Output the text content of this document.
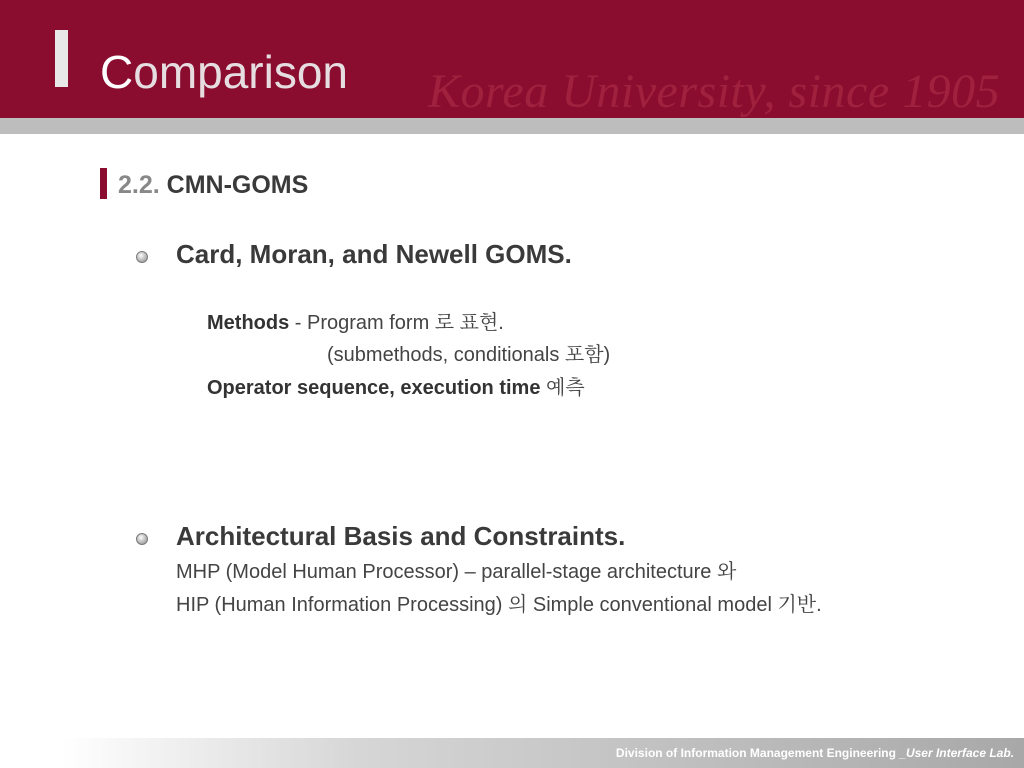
Comparison Korea University, since 1905
2.2. CMN-GOMS
Card, Moran, and Newell GOMS.
Methods - Program form 로 표현.
(submethods, conditionals 포함)
Operator sequence, execution time 예측
Architectural Basis and Constraints.
MHP (Model Human Processor) – parallel-stage architecture 와
HIP (Human Information Processing) 의 Simple conventional model 기반.
Division of Information Management Engineering _User Interface Lab.
